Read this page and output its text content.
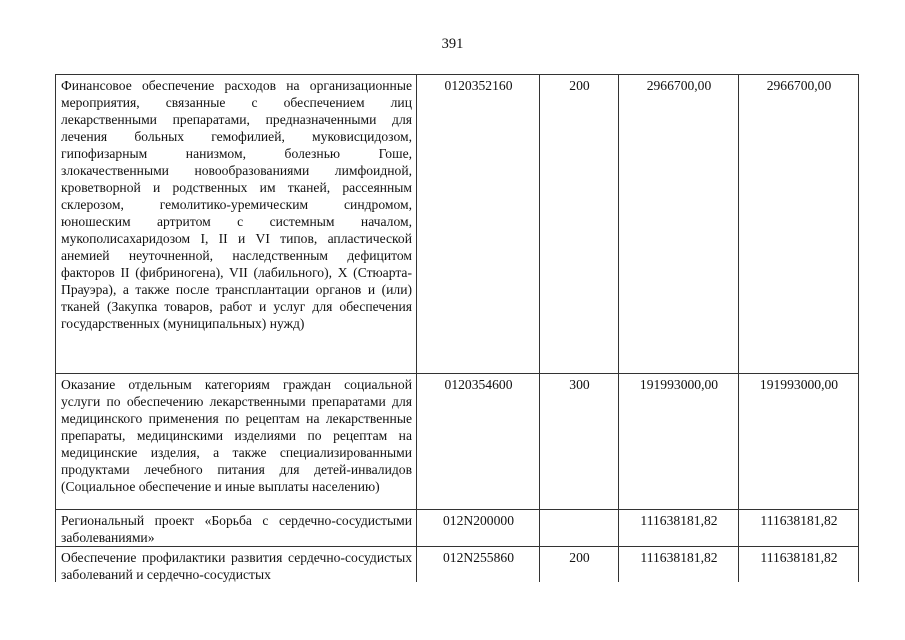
391
Финансовое обеспечение расходов на организационные мероприятия, связанные с обеспечением лиц лекарственными препаратами, предназначенными для лечения больных гемофилией, муковисцидозом, гипофизарным нанизмом, болезнью Гоше, злокачественными новообразованиями лимфоидной, кроветворной и родственных им тканей, рассеянным склерозом, гемолитико-уремическим синдромом, юношеским артритом с системным началом, мукополисахаридозом I, II и VI типов, апластической анемией неуточненной, наследственным дефицитом факторов II (фибриногена), VII (лабильного), X (Стюарта-Прауэра), а также после трансплантации органов и (или) тканей (Закупка товаров, работ и услуг для обеспечения государственных (муниципальных) нужд)	0120352160	200	2966700,00	2966700,00
Оказание отдельным категориям граждан социальной услуги по обеспечению лекарственными препаратами для медицинского применения по рецептам на лекарственные препараты, медицинскими изделиями по рецептам на медицинские изделия, а также специализированными продуктами лечебного питания для детей-инвалидов (Социальное обеспечение и иные выплаты населению)	0120354600	300	191993000,00	191993000,00
Региональный проект «Борьба с сердечно-сосудистыми заболеваниями»	012N200000		111638181,82	111638181,82
Обеспечение профилактики развития сердечно-сосудистых заболеваний и сердечно-сосудистых	012N255860	200	111638181,82	111638181,82
